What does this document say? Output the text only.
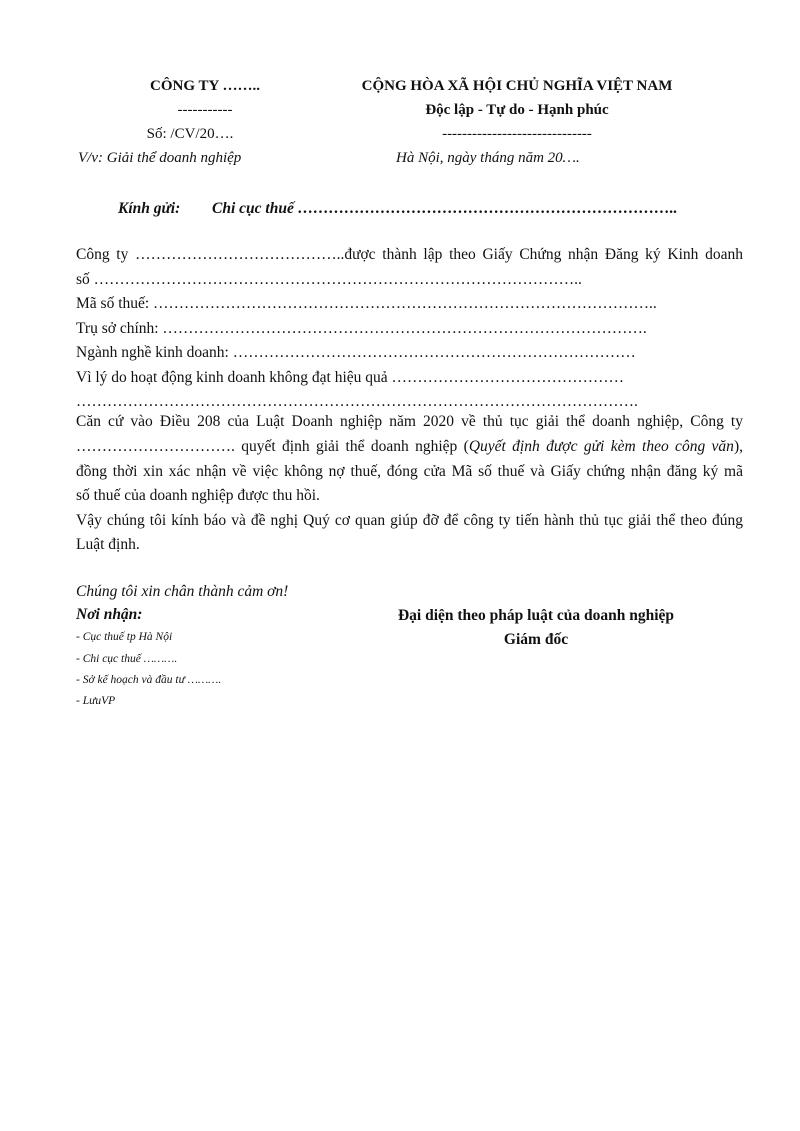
CÔNG TY ……..
-----------
Số: /CV/20….
V/v: Giải thể doanh nghiệp
CỘNG HÒA XÃ HỘI CHỦ NGHĨA VIỆT NAM
Độc lập - Tự do - Hạnh phúc
------------------------------
Hà Nội, ngày tháng năm 20….
Kính gửi: Chi cục thuế ………………………………………………………………..
Công ty …………………………………..được thành lập theo Giấy Chứng nhận Đăng ký Kinh doanh
số …………………………………………………………………………………..
Mã số thuế: ……………………………………………………………………………………..
Trụ sở chính: ………………………………………………………………………………….
Ngành nghề kinh doanh: ……………………………………………………………………
Vì lý do hoạt động kinh doanh không đạt hiệu quả ………………………………………
……………………………………………………………………………………………….
Căn cứ vào Điều 208 của Luật Doanh nghiệp năm 2020 về thủ tục giải thể doanh nghiệp, Công ty
…………………………. quyết định giải thể doanh nghiệp (Quyết định được gửi kèm theo công văn),
đồng thời xin xác nhận về việc không nợ thuế, đóng cửa Mã số thuế và Giấy chứng nhận đăng ký mã
số thuế của doanh nghiệp được thu hồi.
Vậy chúng tôi kính báo và đề nghị Quý cơ quan giúp đỡ để công ty tiến hành thủ tục giải thể theo đúng
Luật định.
Chúng tôi xin chân thành cảm ơn!
Nơi nhận:
- Cục thuế tp Hà Nội
- Chi cục thuế ……….
- Sở kế hoạch và đầu tư ……….
- LưuVP
Đại diện theo pháp luật của doanh nghiệp
Giám đốc
